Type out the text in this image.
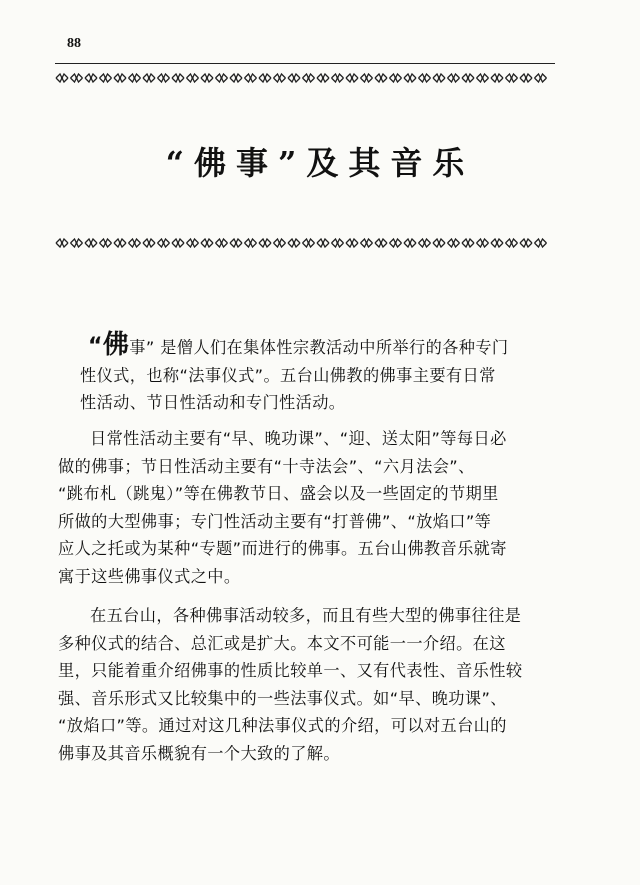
88
“佛事”及其音乐
“佛事” 是僧人们在集体性宗教活动中所举行的各种专门
性仪式，也称“法事仪式”。五台山佛教的佛事主要有日常
性活动、节日性活动和专门性活动。
日常性活动主要有“早、晚功课”、“迎、送太阳”等每日必
做的佛事；节日性活动主要有“十寺法会”、“六月法会”、
“跳布札（跳鬼）”等在佛教节日、盛会以及一些固定的节期里
所做的大型佛事；专门性活动主要有“打普佛”、“放焰口”等
应人之托或为某种“专题”而进行的佛事。五台山佛教音乐就寄
寓于这些佛事仪式之中。
在五台山，各种佛事活动较多，而且有些大型的佛事往往是
多种仪式的结合、总汇或是扩大。本文不可能一一介绍。在这
里，只能着重介绍佛事的性质比较单一、又有代表性、音乐性较
强、音乐形式又比较集中的一些法事仪式。如“早、晚功课”、
“放焰口”等。通过对这几种法事仪式的介绍，可以对五台山的
佛事及其音乐概貌有一个大致的了解。
